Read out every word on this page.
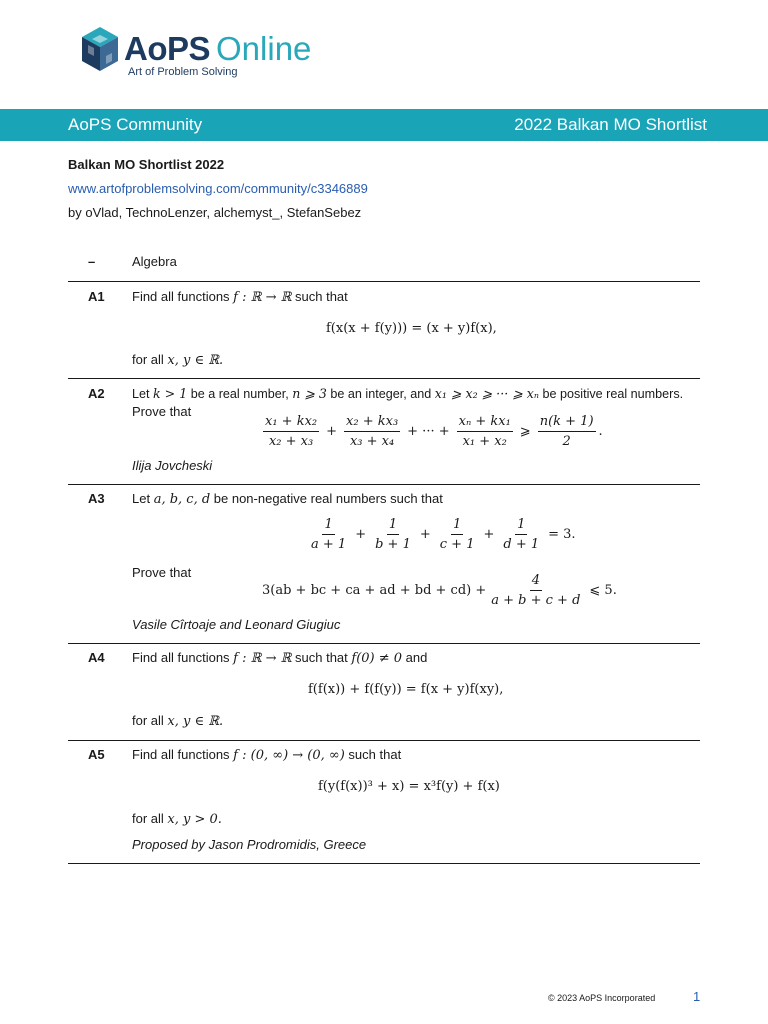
AoPS Online
Art of Problem Solving
AoPS Community	2022 Balkan MO Shortlist
Balkan MO Shortlist 2022
www.artofproblemsolving.com/community/c3346889
by oVlad, TechnoLenzer, alchemyst_, StefanSebez
–	Algebra
A1 Find all functions f : ℝ → ℝ such that
f(x(x + f(y))) = (x + y)f(x),
for all x, y ∈ ℝ.
A2 Let k > 1 be a real number, n ⩾ 3 be an integer, and x₁ ⩾ x₂ ⩾ ··· ⩾ xₙ be positive real numbers.
Prove that
$\frac{\text{x₁ + kx₂}}{\text{x₂ + x₃}} + \frac{\text{x₂ + kx₃}}{\text{x₃ + x₄}}$ + ··· + $\frac{\text{xₙ + kx₁}}{\text{x₁ + x₂}}$ ⩾ $\frac{n(k + 1)}{2}$ .
Ilija Jovcheski
A3 Let a, b, c, d be non-negative real numbers such that
$\frac{1}{a + 1} + \frac{1}{b + 1} + \frac{1}{c + 1} + \frac{1}{d + 1} = 3$.
Prove that
3(ab + bc + ca + ad + bd + $cd) + \frac{4}{a + b + c + d}$ ⩽ 5.
Vasile Cîrtoaje and Leonard Giugiuc
A4 Find all functions f : ℝ → ℝ such that f(0) ≠ 0 and
f(f(x)) + f(f(y)) = f(x + y)f(xy),
for all x, y ∈ ℝ.
A5 Find all functions f : (0, ∞) → (0, ∞) such that
f(y(f(x))³ + x) = x³f(y) + f(x)
for all x, y > 0.
Proposed by Jason Prodromidis, Greece
© 2023 AoPS Incorporated	1
